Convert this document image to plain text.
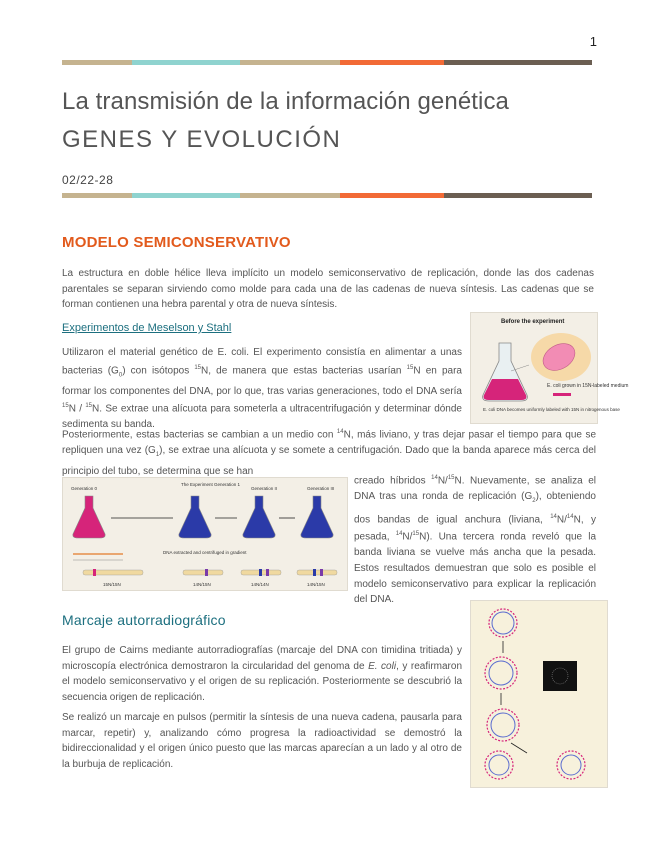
1
La transmisión de la información genética
GENES Y EVOLUCIÓN
02/22-28
MODELO SEMICONSERVATIVO
La estructura en doble hélice lleva implícito un modelo semiconservativo de replicación, donde las dos cadenas parentales se separan sirviendo como molde para cada una de las cadenas de nueva síntesis. Las cadenas que se forman contienen una hebra parental y otra de nueva síntesis.
Experimentos de Meselson y Stahl
Utilizaron el material genético de E. coli. El experimento consistía en alimentar a unas bacterias $(G_0)$ con isótopos $^{15}$N, de manera que estas bacterias usarían $^{15}$N en para formar los componentes del DNA, por lo que, tras varias generaciones, todo el DNA sería $^{15}$N / $^{15}$N. Se extrae una alícuota para someterla a ultracentrifugación y determinar dónde sedimenta su banda.
Before the experiment
E. coli grown in 15N-labeled medium
E. coli DNA becomes uniformly labeled with 15N in nitrogenous base
Posteriormente, estas bacterias se cambian a un medio con $^{14}$N, más liviano, y tras dejar pasar el tiempo para que se repliquen una vez $(G_1)$, se extrae una alícuota y se somete a centrifugación. Dado que la banda aparece más cerca del principio del tubo, se determina que se han
creado híbridos $^{14}$N/$^{15}$N. Nuevamente, se analiza el DNA tras una ronda de replicación $(G_2)$, obteniendo dos bandas de igual anchura (liviana, $^{14}$N/$^{14}$N, y pesada, $^{14}$N/$^{15}$N). Una tercera ronda reveló que la banda liviana se vuelve más ancha que la pesada. Estos resultados demuestran que solo es posible el modelo semiconservativo para explicar la replicación del DNA.
Generation 0
The Experiment Generation 1
Generation II	Generation III
DNA extracted and centrifuged in gradient
15N/15N	14N/15N	14N/14N	14N/15N
Marcaje autorradiográfico
El grupo de Cairns mediante autorradiografías (marcaje del DNA con timidina tritiada) y microscopía electrónica demostraron la circularidad del genoma de E. coli, y reafirmaron el modelo semiconservativo y el origen de su replicación. Posteriormente se descubrió la secuencia origen de replicación.
Se realizó un marcaje en pulsos (permitir la síntesis de una nueva cadena, pausarla para marcar, repetir) y, analizando cómo progresa la radioactividad se demostró la bidireccionalidad y el origen único puesto que las marcas aparecían a un lado y al otro de la burbuja de replicación.
